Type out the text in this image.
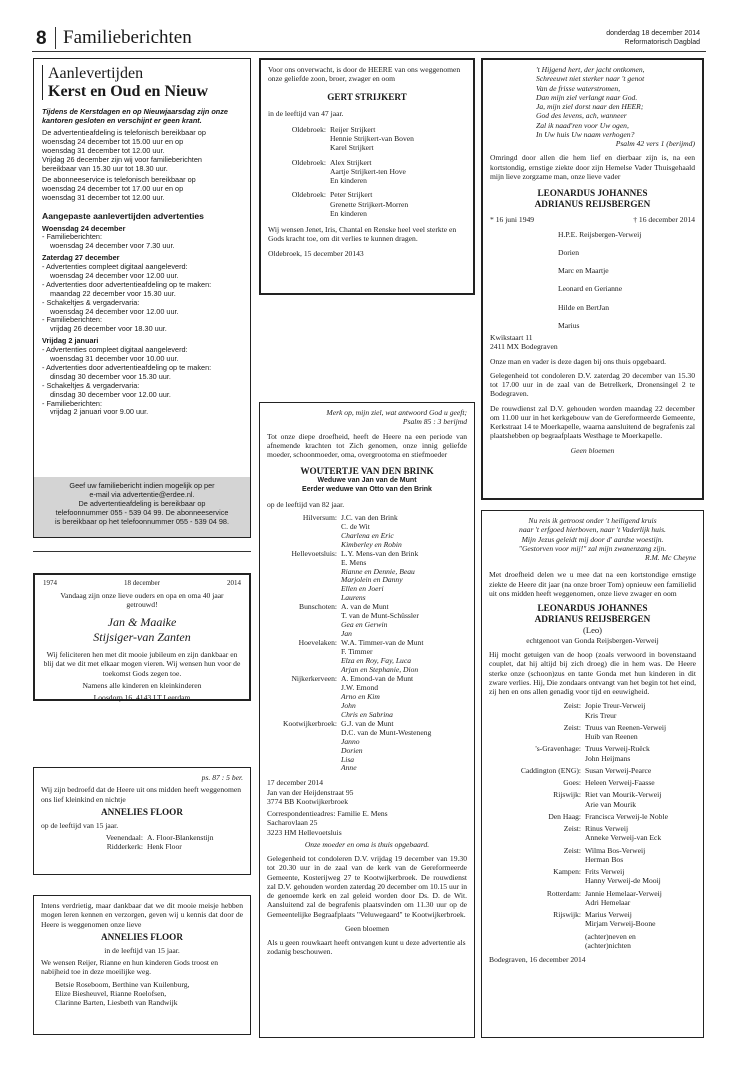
8 Familieberichten	donderdag 18 december 2014
Reformatorisch Dagblad
Aanlevertijden
Kerst en Oud en Nieuw

Tijdens de Kerstdagen en op Nieuwjaarsdag zijn onze kantoren gesloten en verschijnt er geen krant.

De advertentieafdeling is telefonisch bereikbaar op
woensdag 24 december tot 15.00 uur en op
woensdag 31 december tot 12.00 uur.
Vrijdag 26 december zijn wij voor familieberichten
bereikbaar van 15.30 uur tot 18.30 uur.
De abonneeservice is telefonisch bereikbaar op
woensdag 24 december tot 17.00 uur en op
woensdag 31 december tot 12.00 uur.
Aangepaste aanlevertijden advertenties
Woensdag 24 december
- Familieberichten:
woensdag 24 december voor 7.30 uur.
Zaterdag 27 december
- Advertenties compleet digitaal aangeleverd:
woensdag 24 december voor 12.00 uur.
- Advertenties door advertentieafdeling op te maken:
maandag 22 december voor 15.30 uur.
- Schakeltjes & vergadervaria:
woensdag 24 december voor 12.00 uur.
- Familieberichten:
vrijdag 26 december voor 18.30 uur.
Vrijdag 2 januari
- Advertenties compleet digitaal aangeleverd:
woensdag 31 december voor 10.00 uur.
- Advertenties door advertentieafdeling op te maken:
dinsdag 30 december voor 15.30 uur.
- Schakeltjes & vergadervaria:
dinsdag 30 december voor 12.00 uur.
- Familieberichten:
vrijdag 2 januari voor 9.00 uur.
Geef uw familiebericht indien mogelijk op per
e-mail via advertentie@erdee.nl.
De advertentieafdeling is bereikbaar op
telefoonnummer 055 - 539 04 99. De abonneeservice
is bereikbaar op het telefoonnummer 055 - 539 04 98.
1974	18 december	2014

Vandaag zijn onze lieve ouders en opa en oma 40 jaar getrouwd!

Jan & Maaike
Stijsiger-van Zanten

Wij feliciteren hen met dit mooie jubileum en zijn dankbaar en blij dat we dit met elkaar mogen vieren. Wij wensen hun voor de toekomst Gods zegen toe.

Namens alle kinderen en kleinkinderen

Loosdorp 16, 4143 LT Leerdam

ps. 87 : 5 ber.

Wij zijn bedroefd dat de Heere uit ons midden heeft weggenomen ons lief kleinkind en nichtje

ANNELIES FLOOR

op de leeftijd van 15 jaar.

Veenendaal: A. Floor-Blankenstijn
Ridderkerk: Henk Floor

Intens verdrietig, maar dankbaar dat we dit mooie meisje hebben mogen leren kennen en verzorgen, geven wij u kennis dat door de Heere is weggenomen onze lieve

ANNELIES FLOOR

in de leeftijd van 15 jaar.

We wensen Reijer, Rianne en hun kinderen Gods troost en nabijheid toe in deze moeilijke weg.

Betsie Roseboom, Berthine van Kuilenburg,
Elize Biesheuvel, Rianne Roelofsen,
Clarinne Barten, Liesbeth van Randwijk

Voor ons onverwacht, is door de HEERE van ons weggenomen onze geliefde zoon, broer, zwager en oom

GERT STRIJKERT

in de leeftijd van 47 jaar.

Oldebroek: Reijer Strijkert
Hennie Strijkert-van Boven
Karel Strijkert
Oldebroek: Alex Strijkert
Aartje Strijkert-ten Hove
En kinderen
Oldebroek: Peter Strijkert
Grenette Strijkert-Morren
En kinderen

Wij wensen Jenet, Iris, Chantal en Renske heel veel sterkte en Gods kracht toe, om dit verlies te kunnen dragen.

Oldebroek, 15 december 20143

Merk op, mijn ziel, wat antwoord God u geeft;
Psalm 85 : 3 berijmd

Tot onze diepe droefheid, heeft de Heere na een periode van afnemende krachten tot Zich genomen, onze innig geliefde moeder, schoonmoeder, oma, overgrootoma en stiefmoeder

WOUTERTJE VAN DEN BRINK

Weduwe van Jan van de Munt

Eerder weduwe van Otto van den Brink

op de leeftijd van 82 jaar.

Hilversum: J.C. van den Brink
C. de Wit
Charlena en Eric
Kimberley en Robin
Hellevoetsluis: L.Y. Mens-van den Brink
E. Mens
Rianne en Dennie, Beau
Marjolein en Danny
Ellen en Joeri
Laurens
Bunschoten: A. van de Munt
T. van de Munt-Schüssler
Gea en Gerwin
Jan
Hoevelaken: W.A. Timmer-van de Munt
F. Timmer
Elza en Roy, Fay, Luca
Arjan en Stephanie, Dion
Nijkerkerveen: A. Emond-van de Munt
J.W. Emond
Arno en Kim
John
Chris en Sabrina
Kootwijkerbroek: G.J. van de Munt
D.C. van de Munt-Westeneng
Janno
Dorien
Lisa
Anne
17 december 2014
Jan van der Heijdenstraat 95
3774 BB Kootwijkerbroek
Correspondentieadres: Familie E. Mens
Sacharovlaan 25
3223 HM Hellevoetsluis

Onze moeder en oma is thuis opgebaard.

Gelegenheid tot condoleren D.V. vrijdag 19 december van 19.30 tot 20.30 uur in de zaal van de kerk van de Gereformeerde Gemeente, Kosterijweg 27 te Kootwijkerbroek. De rouwdienst zal D.V. gehouden worden zaterdag 20 december om 10.15 uur in de genoemde kerk en zal geleid worden door Ds. D. de Wit. Aansluitend zal de begrafenis plaatsvinden om 11.30 uur op de Gemeentelijke Begraafplaats "Veluwegaard" te Kootwijkerbroek.

Geen bloemen

Als u geen rouwkaart heeft ontvangen kunt u deze advertentie als zodanig beschouwen.

't Hijgend hert, der jacht ontkomen,
Schreeuwt niet sterker naar 't genot
Van de frisse waterstromen,
Dan mijn ziel verlangt naar God.
Ja, mijn ziel dorst naar den HEER;
God des levens, ach, wanneer
Zal ik naad'ren voor Uw ogen,
In Uw huis Uw naam verhogen?
Psalm 42 vers 1 (berijmd)

Omringd door allen die hem lief en dierbaar zijn is, na een kortstondig, ernstige ziekte door zijn Hemelse Vader Thuisgehaald mijn lieve zorgzame man, onze lieve vader

LEONARDUS JOHANNES
ADRIANUS REIJSBERGEN
* 16 juni 1949	† 16 december 2014
H.P.E. Reijsbergen-Verweij
Dorien
Marc en Maartje
Leonard en Gerianne
Hilde en BertJan
Marius
Kwikstaart 11
2411 MX Bodegraven

Onze man en vader is deze dagen bij ons thuis opgebaard.

Gelegenheid tot condoleren D.V. zaterdag 20 december van 15.30 tot 17.00 uur in de zaal van de Betrelkerk, Dronensingel 2 te Bodegraven.

De rouwdienst zal D.V. gehouden worden maandag 22 december om 11.00 uur in het kerkgebouw van de Gereformeerde Gemeente, Kerkstraat 14 te Moerkapelle, waarna aansluitend de begrafenis zal plaatshebben op begraafplaats Westhage te Moerkapelle.

Geen bloemen

Nu reis ik getroost onder 't heiligend kruis
naar 't erfgoed hierboven, naar 't Vaderlijk huis.
Mijn Jezus geleidt mij door d' aardse woestijn.
"Gestorven voor mij!" zal mijn zwanenzang zijn.
R.M. Mc Cheyne

Met droefheid delen we u mee dat na een kortstondige ernstige ziekte de Heere dit jaar (na onze broer Tom) opnieuw een familielid uit ons midden heeft weggenomen, onze lieve zwager en oom

LEONARDUS JOHANNES
ADRIANUS REIJSBERGEN

(Leo)

echtgenoot van Gonda Reijsbergen-Verweij

Hij mocht getuigen van de hoop (zoals verwoord in bovenstaand couplet, dat hij altijd bij zich droeg) die in hem was. De Heere sterke onze (schoon)zus en tante Gonda met hun kinderen in dit zware verlies. Hij, Die zondaars ontvangt van het begin tot het eind, zij hen en ons allen genadig voor tijd en eeuwigheid.

Zeist: Jopie Treur-Verweij
Kris Treur
Zeist: Truus van Reenen-Verweij
Huib van Reenen
's-Gravenhage: Truus Verweij-Ruëck
John Heijmans
Caddington (ENG): Susan Verweij-Pearce
Goes: Heleen Verweij-Faasse
Rijswijk: Riet van Mourik-Verweij
Arie van Mourik
Den Haag: Francisca Verweij-le Noble
Zeist: Rinus Verweij
Anneke Verweij-van Eck
Zeist: Wilma Bos-Verweij
Herman Bos
Kampen: Frits Verweij
Hanny Verweij-de Mooij
Rotterdam: Jannie Hemelaar-Verweij
Adri Hemelaar
Rijswijk: Marius Verweij
Mirjam Verweij-Boone
(achter)neven en
(achter)nichten

Bodegraven, 16 december 2014
